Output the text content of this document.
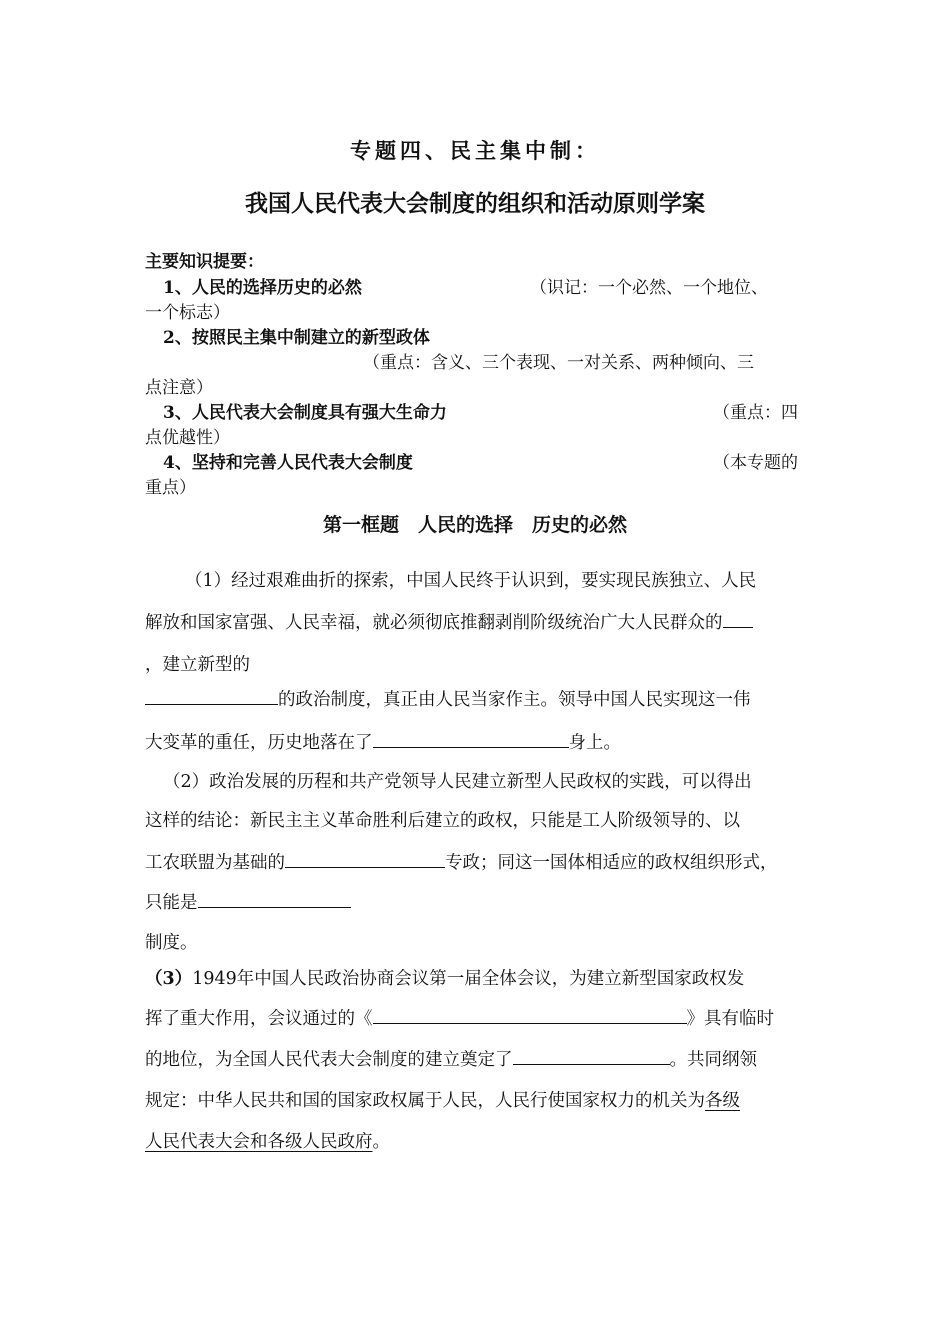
专题四、民主集中制：
我国人民代表大会制度的组织和活动原则学案
主要知识提要：
1、人民的选择历史的必然	（识记：一个必然、一个地位、
一个标志）
2、按照民主集中制建立的新型政体
（重点：含义、三个表现、一对关系、两种倾向、三
点注意）
3、人民代表大会制度具有强大生命力	（重点：四
点优越性）
4、坚持和完善人民代表大会制度	（本专题的
重点）
第一框题　人民的选择　历史的必然
（1）经过艰难曲折的探索，中国人民终于认识到，要实现民族独立、人民
解放和国家富强、人民幸福，就必须彻底推翻剥削阶级统治广大人民群众的
，建立新型的
的政治制度，真正由人民当家作主。领导中国人民实现这一伟
大变革的重任，历史地落在了	身上。
（2）政治发展的历程和共产党领导人民建立新型人民政权的实践，可以得出
这样的结论：新民主主义革命胜利后建立的政权，只能是工人阶级领导的、以
工农联盟为基础的	专政；同这一国体相适应的政权组织形式，
只能是
制度。
（3）1949年中国人民政治协商会议第一届全体会议，为建立新型国家政权发
挥了重大作用，会议通过的《	》具有临时
的地位，为全国人民代表大会制度的建立奠定了	。共同纲领
规定：中华人民共和国的国家政权属于人民，人民行使国家权力的机关为各级
人民代表大会和各级人民政府。
